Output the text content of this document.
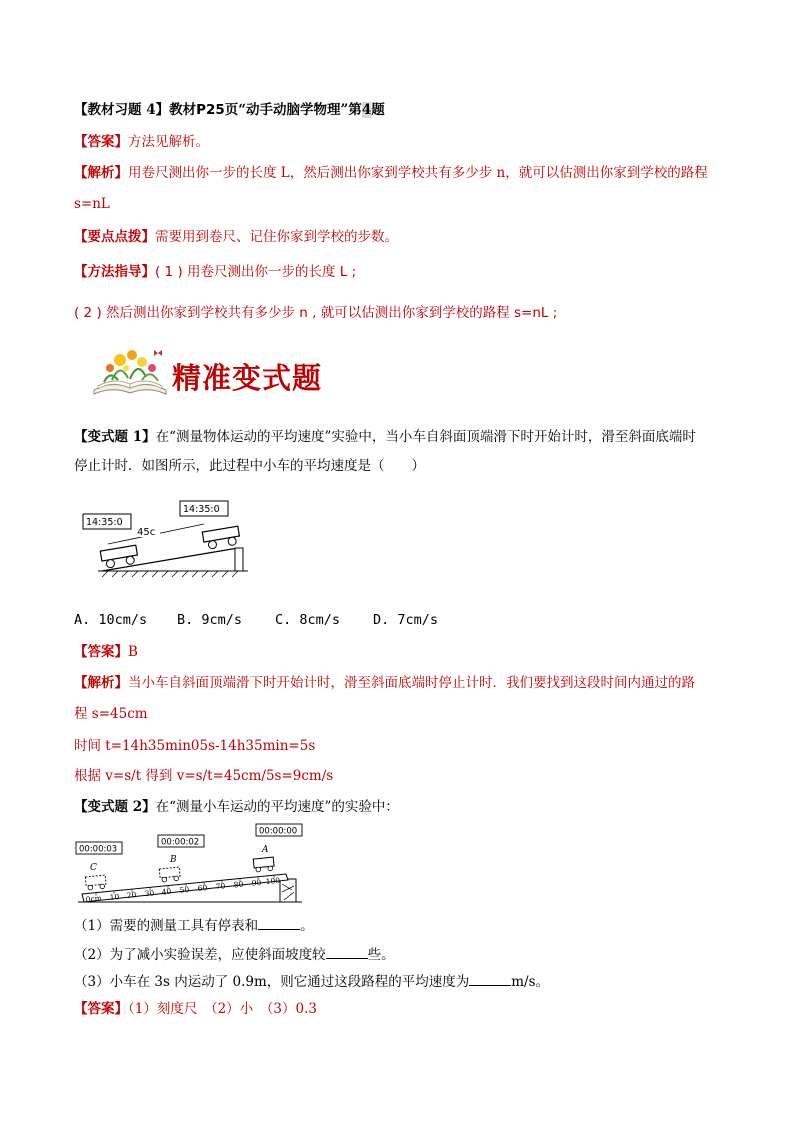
【教材习题 4】教材P25页“动手动脑学物理”第4题
【答案】方法见解析。
【解析】用卷尺测出你一步的长度 L，然后测出你家到学校共有多少步 n，就可以估测出你家到学校的路程
s=nL
【要点点拨】需要用到卷尺、记住你家到学校的步数。
【方法指导】( 1 ) 用卷尺测出你一步的长度 L ;
( 2 ) 然后测出你家到学校共有多少步 n , 就可以估测出你家到学校的路程 s=nL ;
精准变式题
【变式题 1】在“测量物体运动的平均速度”实验中，当小车自斜面顶端滑下时开始计时，滑至斜面底端时
停止计时．如图所示，此过程中小车的平均速度是（　　）
14:35:0
14:35:0
45c
A. 10cm/s B. 9cm/s C. 8cm/s D. 7cm/s
【答案】B
【解析】当小车自斜面顶端滑下时开始计时，滑至斜面底端时停止计时．我们要找到这段时间内通过的路
程 s=45cm
时间 t=14h35min05s-14h35min=5s
根据 v=s/t 得到 v=s/t=45cm/5s=9cm/s
【变式题 2】在“测量小车运动的平均速度”的实验中：
00:00:03
00:00:02
00:00:00
0cm 10 20 30 40 50 60 70 80 90 100
C
B
A
（1）需要的测量工具有停表和	。
（2）为了减小实验误差，应使斜面坡度较	些。
（3）小车在 3s 内运动了 0.9m，则它通过这段路程的平均速度为	m/s。
【答案】（1）刻度尺　（2）小　（3）0.3
